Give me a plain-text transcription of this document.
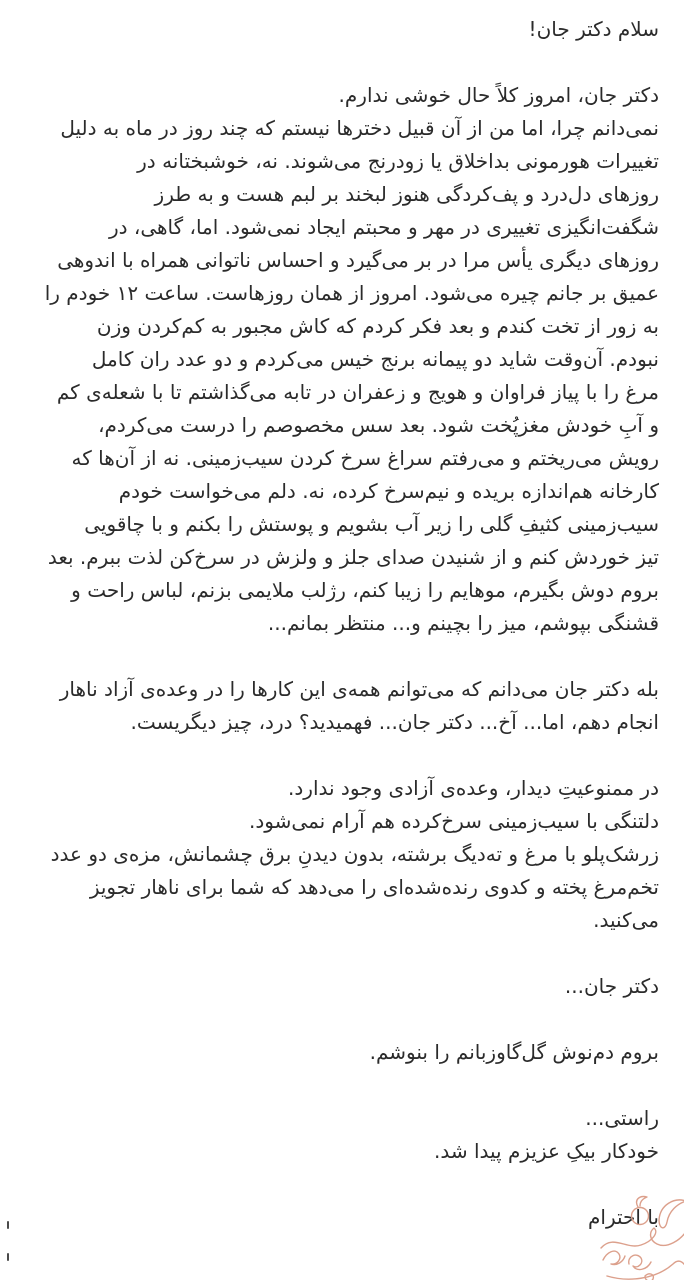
سلام دکتر جان!
دکتر جان، امروز کلاً حال خوشی ندارم.
نمی‌دانم چرا، اما من از آن قبیل دخترها نیستم که چند روز در ماه به دلیل
تغییرات هورمونی بداخلاق یا زودرنج می‌شوند. نه، خوشبختانه در
روزهای دل‌درد و پف‌کردگی هنوز لبخند بر لبم هست و به طرز
شگفت‌انگیزی تغییری در مهر و محبتم ایجاد نمی‌شود. اما، گاهی، در
روزهای دیگری یأس مرا در بر می‌گیرد و احساس ناتوانی همراه با اندوهی
عمیق بر جانم چیره می‌شود. امروز از همان روزهاست. ساعت ۱۲ خودم را
به زور از تخت کندم و بعد فکر کردم که کاش مجبور به کم‌کردن وزن
نبودم. آن‌وقت شاید دو پیمانه برنج خیس می‌کردم و دو عدد ران کامل
مرغ را با پیاز فراوان و هویج و زعفران در تابه می‌گذاشتم تا با شعله‌ی کم
و آبِ خودش مغزپُخت شود. بعد سس مخصوصم را درست می‌کردم،
رویش می‌ریختم و می‌رفتم سراغ سرخ کردن سیب‌زمینی. نه از آن‌ها که
کارخانه هم‌اندازه بریده و نیم‌سرخ کرده، نه. دلم می‌خواست خودم
سیب‌زمینی کثیفِ گلی را زیر آب بشویم و پوستش را بکنم و با چاقویی
تیز خوردش کنم و از شنیدن صدای جلز و ولزش در سرخ‌کن لذت ببرم. بعد
بروم دوش بگیرم، موهایم را زیبا کنم، رژلب ملایمی بزنم، لباس راحت و
قشنگی بپوشم، میز را بچینم و... منتظر بمانم...
بله دکتر جان می‌دانم که می‌توانم همه‌ی این کارها را در وعده‌ی آزاد ناهار
انجام دهم، اما... آخ... دکتر جان... فهمیدید؟ درد، چیز دیگریست.
در ممنوعیتِ دیدار، وعده‌ی آزادی وجود ندارد.
دلتنگی با سیب‌زمینی سرخ‌کرده هم آرام نمی‌شود.
زرشک‌پلو با مرغ و ته‌دیگ برشته، بدون دیدنِ برق چشمانش، مزه‌ی دو عدد
تخم‌مرغ پخته و کدوی رنده‌شده‌ای را می‌دهد که شما برای ناهار تجویز
می‌کنید.
دکتر جان...
بروم دم‌نوش گل‌گاوزبانم را بنوشم.
راستی...
خودکار بیکِ عزیزم پیدا شد.
با احترام
